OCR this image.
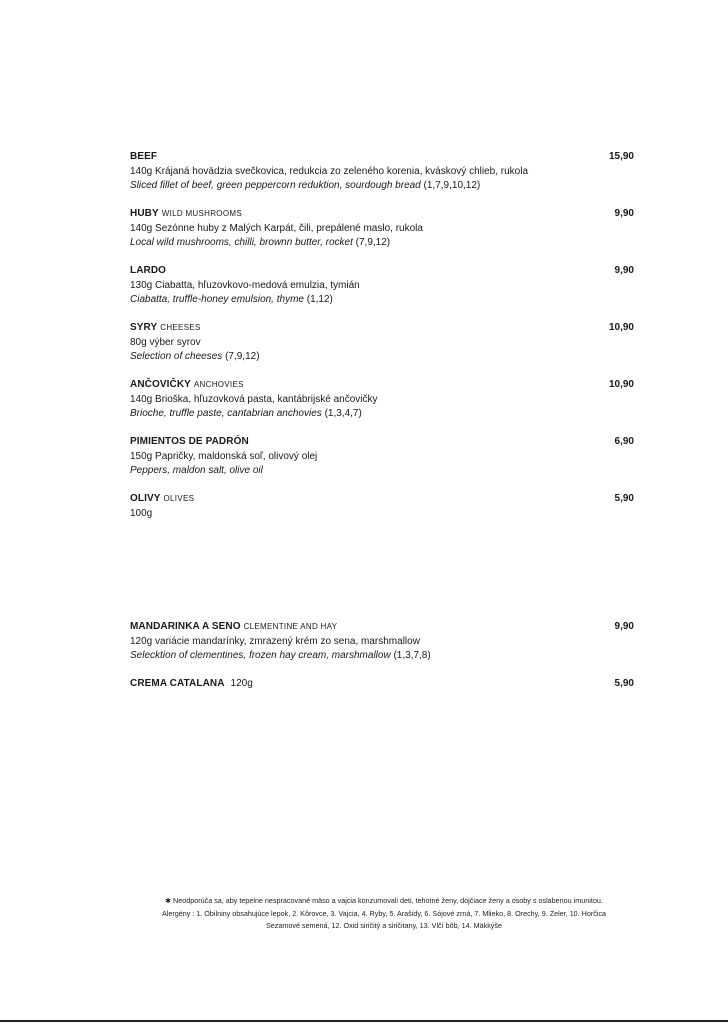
BEEF	15,90
140g Krájaná hovädzia svečkovica, redukcia zo zeleného korenia, kváskový chlieb, rukola
Sliced fillet of beef, green peppercorn reduktion, sourdough bread (1,7,9,10,12)
HUBY WILD MUSHROOMS	9,90
140g Sezónne huby z Malých Karpát, čili, prepálené maslo, rukola
Local wild mushrooms, chilli, brownn butter, rocket (7,9,12)
LARDO	9,90
130g Ciabatta, hľuzovkovo-medová emulzia, tymián
Ciabatta, truffle-honey emulsion, thyme (1,12)
SYRY CHEESES	10,90
80g výber syrov
Selection of cheeses (7,9,12)
ANČOVIČKY ANCHOVIES	10,90
140g Brioška, hľuzovková pasta, kantábrijské ančovičky
Brioche, truffle paste, cantabrian anchovies (1,3,4,7)
PIMIENTOS DE PADRÓN	6,90
150g Papričky, maldonská soľ, olivový olej
Peppers, maldon salt, olive oil
OLIVY OLIVES	5,90
100g
MANDARINKA A SENO CLEMENTINE AND HAY	9,90
120g variácie mandarínky, zmrazený krém zo sena, marshmallow
Selecktion of clementines, frozen hay cream, marshmallow (1,3,7,8)
CREMA CATALANA 120g	5,90
✱ Neodporúča sa, aby tepelne nespracované mäso a vajcia konzumovali deti, tehotné ženy, dojčiace ženy a osoby s oslabenou imunitou.
Alergény : 1. Obilniny obsahujúce lepok, 2. Kôrovce, 3. Vajcia, 4. Ryby, 5. Arašidy, 6. Sójové zrná, 7. Mlieko, 8. Orechy, 9. Zeler, 10. Horčica
Sezamové semená, 12. Oxid siričitý a siričitany, 13. Vlčí bôb, 14. Mäkkýše
